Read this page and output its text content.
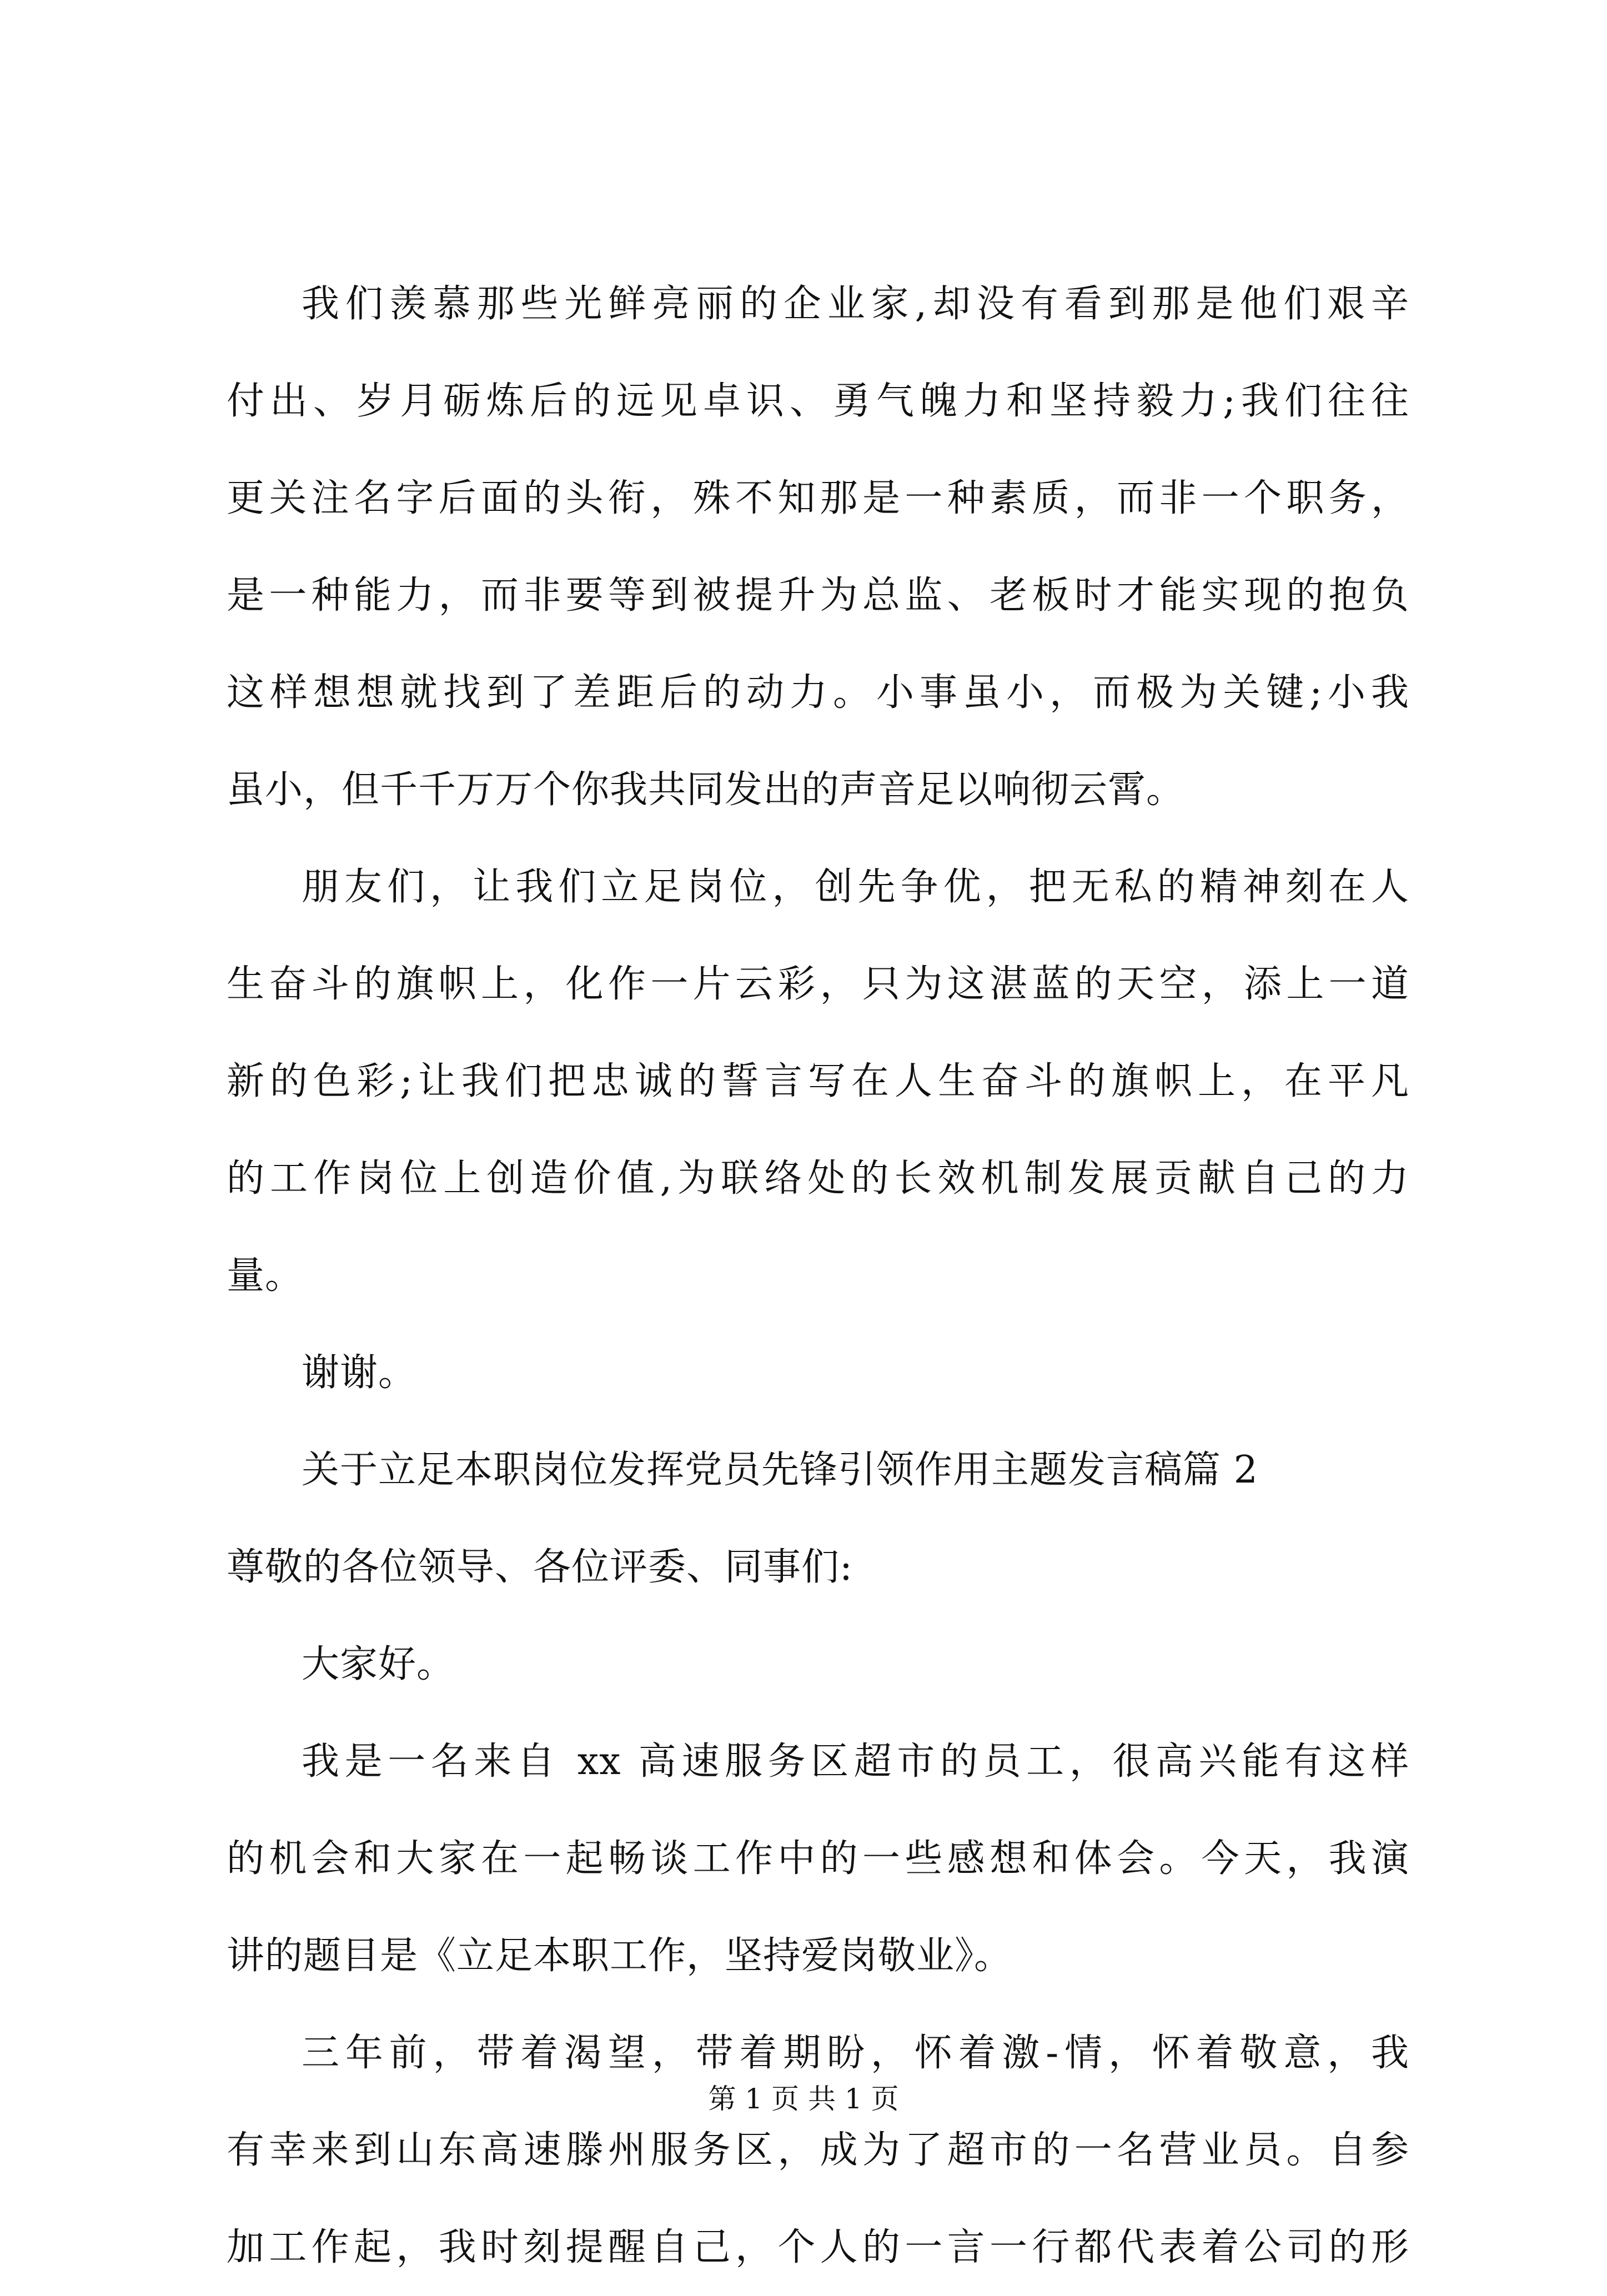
我们羡慕那些光鲜亮丽的企业家,却没有看到那是他们艰辛
付出、岁月砺炼后的远见卓识、勇气魄力和坚持毅力;我们往往
更关注名字后面的头衔，殊不知那是一种素质，而非一个职务，
是一种能力，而非要等到被提升为总监、老板时才能实现的抱负
这样想想就找到了差距后的动力。小事虽小，而极为关键;小我
虽小，但千千万万个你我共同发出的声音足以响彻云霄。
朋友们，让我们立足岗位，创先争优，把无私的精神刻在人
生奋斗的旗帜上，化作一片云彩，只为这湛蓝的天空，添上一道
新的色彩;让我们把忠诚的誓言写在人生奋斗的旗帜上，在平凡
的工作岗位上创造价值,为联络处的长效机制发展贡献自己的力
量。
谢谢。
关于立足本职岗位发挥党员先锋引领作用主题发言稿篇 2
尊敬的各位领导、各位评委、同事们:
大家好。
我是一名来自 xx 高速服务区超市的员工，很高兴能有这样
的机会和大家在一起畅谈工作中的一些感想和体会。今天，我演
讲的题目是《立足本职工作，坚持爱岗敬业》。
三年前，带着渴望，带着期盼，怀着激-情，怀着敬意，我
有幸来到山东高速滕州服务区，成为了超市的一名营业员。自参
加工作起，我时刻提醒自己，个人的一言一行都代表着公司的形
第 1 页 共 1 页
